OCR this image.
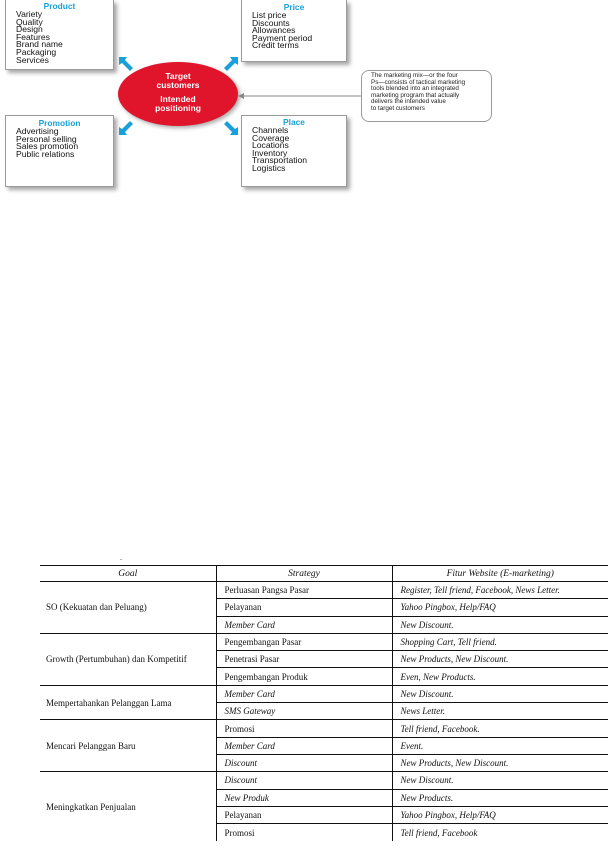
Product
Variety
Quality
Design
Features
Brand name
Packaging
Services
Price
List price
Discounts
Allowances
Payment period
Credit terms
Promotion
Advertising
Personal selling
Sales promotion
Public relations
Place
Channels
Coverage
Locations
Inventory
Transportation
Logistics
Target
customers
Intended
positioning
The marketing mix—or the four
Ps—consists of tactical marketing
tools blended into an integrated
marketing program that actually
delivers the intended value
to target customers
-
Goal	Strategy	Fitur Website (E-marketing)
SO (Kekuatan dan Peluang)	Perluasan Pangsa Pasar	Register, Tell friend, Facebook, News Letter.
	Pelayanan	Yahoo Pingbox, Help/FAQ
	Member Card	New Discount.
Growth (Pertumbuhan) dan Kompetitif	Pengembangan Pasar	Shopping Cart, Tell friend.
	Penetrasi Pasar	New Products, New Discount.
	Pengembangan Produk	Even, New Products.
Mempertahankan Pelanggan Lama	Member Card	New Discount.
	SMS Gateway	News Letter.
Mencari Pelanggan Baru	Promosi	Tell friend, Facebook.
	Member Card	Event.
	Discount	New Products, New Discount.
Meningkatkan Penjualan	Discount	New Discount.
	New Produk	New Products.
	Pelayanan	Yahoo Pingbox, Help/FAQ
	Promosi	Tell friend, Facebook
